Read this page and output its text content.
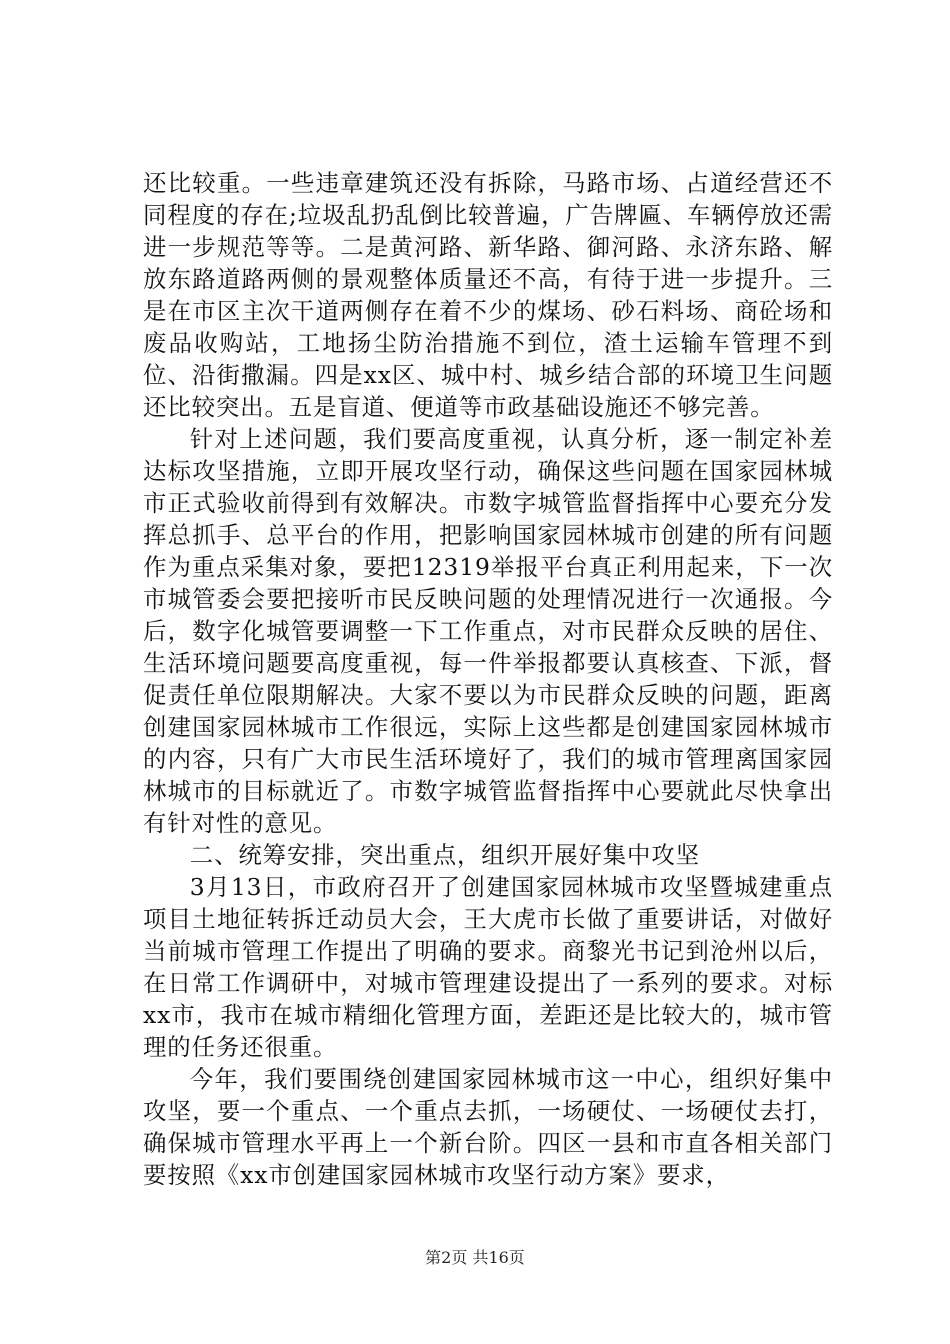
还比较重。一些违章建筑还没有拆除，马路市场、占道经营还不同程度的存在;垃圾乱扔乱倒比较普遍，广告牌匾、车辆停放还需进一步规范等等。二是黄河路、新华路、御河路、永济东路、解放东路道路两侧的景观整体质量还不高，有待于进一步提升。三是在市区主次干道两侧存在着不少的煤场、砂石料场、商砼场和废品收购站，工地扬尘防治措施不到位，渣土运输车管理不到位、沿街撒漏。四是xx区、城中村、城乡结合部的环境卫生问题还比较突出。五是盲道、便道等市政基础设施还不够完善。

针对上述问题，我们要高度重视，认真分析，逐一制定补差达标攻坚措施，立即开展攻坚行动，确保这些问题在国家园林城市正式验收前得到有效解决。市数字城管监督指挥中心要充分发挥总抓手、总平台的作用，把影响国家园林城市创建的所有问题作为重点采集对象，要把12319举报平台真正利用起来，下一次市城管委会要把接听市民反映问题的处理情况进行一次通报。今后，数字化城管要调整一下工作重点，对市民群众反映的居住、生活环境问题要高度重视，每一件举报都要认真核查、下派，督促责任单位限期解决。大家不要以为市民群众反映的问题，距离创建国家园林城市工作很远，实际上这些都是创建国家园林城市的内容，只有广大市民生活环境好了，我们的城市管理离国家园林城市的目标就近了。市数字城管监督指挥中心要就此尽快拿出有针对性的意见。

二、统筹安排，突出重点，组织开展好集中攻坚

3月13日，市政府召开了创建国家园林城市攻坚暨城建重点项目土地征转拆迁动员大会，王大虎市长做了重要讲话，对做好当前城市管理工作提出了明确的要求。商黎光书记到沧州以后，在日常工作调研中，对城市管理建设提出了一系列的要求。对标xx市，我市在城市精细化管理方面，差距还是比较大的，城市管理的任务还很重。

今年，我们要围绕创建国家园林城市这一中心，组织好集中攻坚，要一个重点、一个重点去抓，一场硬仗、一场硬仗去打，确保城市管理水平再上一个新台阶。四区一县和市直各相关部门要按照《xx市创建国家园林城市攻坚行动方案》要求，

第2页 共16页
